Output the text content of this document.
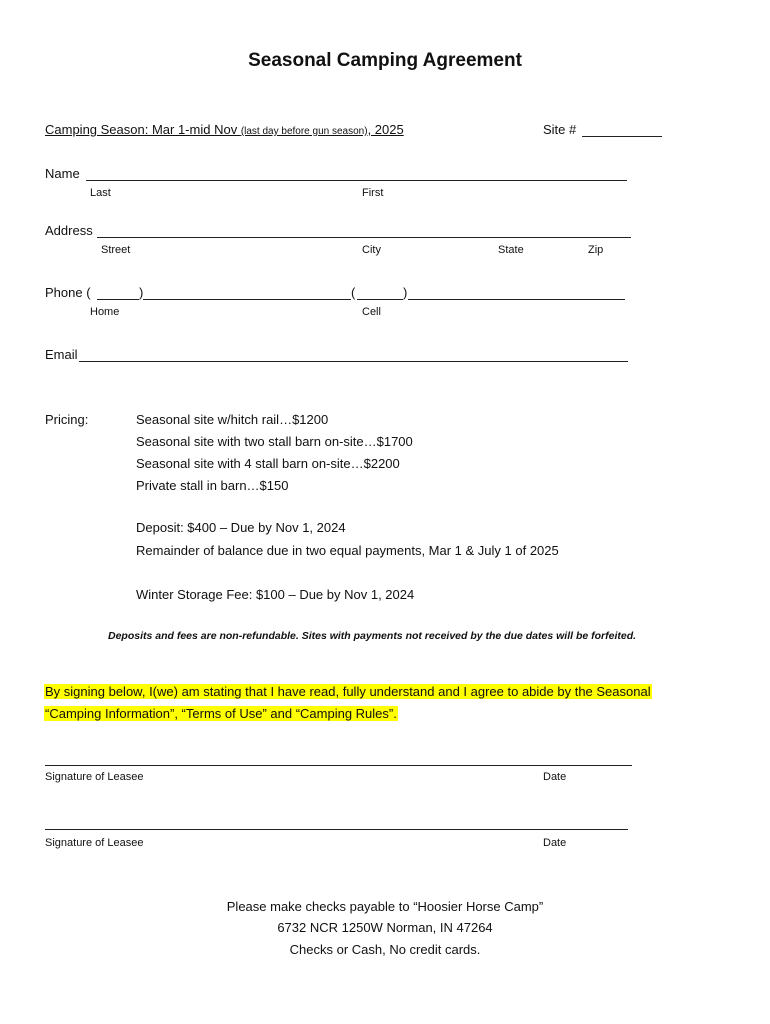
Seasonal Camping Agreement
Camping Season: Mar 1-mid Nov (last day before gun season), 2025	Site #
Name
Last	First
Address
Street	City	State	Zip
Phone (	)	(	)
Home	Cell
Email
Pricing:	Seasonal site w/hitch rail…$1200
Seasonal site with two stall barn on-site…$1700
Seasonal site with 4 stall barn on-site…$2200
Private stall in barn…$150
Deposit: $400 – Due by Nov 1, 2024
Remainder of balance due in two equal payments, Mar 1 & July 1 of 2025
Winter Storage Fee: $100 – Due by Nov 1, 2024
Deposits and fees are non-refundable. Sites with payments not received by the due dates will be forfeited.
By signing below, I(we) am stating that I have read, fully understand and I agree to abide by the Seasonal
“Camping Information”, “Terms of Use” and “Camping Rules”.
Signature of Leasee	Date
Signature of Leasee	Date
Please make checks payable to “Hoosier Horse Camp”
6732 NCR 1250W Norman, IN 47264
Checks or Cash, No credit cards.
